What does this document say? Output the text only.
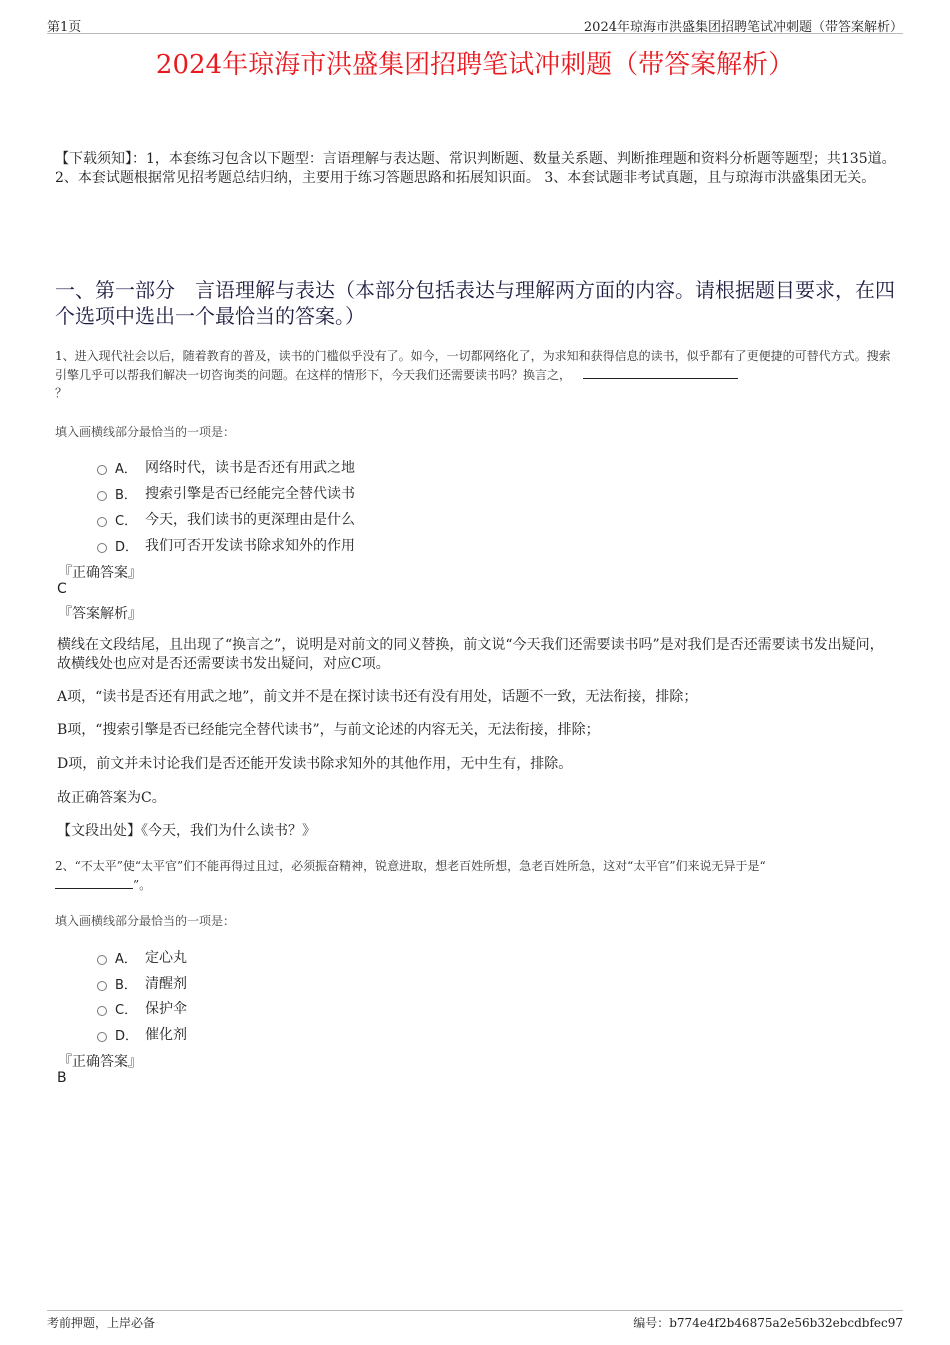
第1页	2024年琼海市洪盛集团招聘笔试冲刺题（带答案解析）
2024年琼海市洪盛集团招聘笔试冲刺题（带答案解析）
【下载须知】：1，本套练习包含以下题型：言语理解与表达题、常识判断题、数量关系题、判断推理题和资料分析题等题型；共135道。 2、本套试题根据常见招考题总结归纳，主要用于练习答题思路和拓展知识面。 3、本套试题非考试真题，且与琼海市洪盛集团无关。
一、第一部分　言语理解与表达（本部分包括表达与理解两方面的内容。请根据题目要求，在四个选项中选出一个最恰当的答案。）
1、进入现代社会以后，随着教育的普及，读书的门槛似乎没有了。如今，一切都网络化了，为求知和获得信息的读书，似乎都有了更便捷的可替代方式。搜索引擎几乎可以帮我们解决一切咨询类的问题。在这样的情形下，今天我们还需要读书吗？换言之，
？
填入画横线部分最恰当的一项是：
A． 网络时代，读书是否还有用武之地
B． 搜索引擎是否已经能完全替代读书
C． 今天，我们读书的更深理由是什么
D． 我们可否开发读书除求知外的作用
『正确答案』
C
『答案解析』
横线在文段结尾，且出现了“换言之”，说明是对前文的同义替换，前文说“今天我们还需要读书吗”是对我们是否还需要读书发出疑问，故横线处也应对是否还需要读书发出疑问，对应C项。
A项，“读书是否还有用武之地”，前文并不是在探讨读书还有没有用处，话题不一致，无法衔接，排除；
B项，“搜索引擎是否已经能完全替代读书”，与前文论述的内容无关，无法衔接，排除；
D项，前文并未讨论我们是否还能开发读书除求知外的其他作用，无中生有，排除。
故正确答案为C。
【文段出处】《今天，我们为什么读书？》
2、“不太平”使“太平官”们不能再得过且过，必须振奋精神，锐意进取，想老百姓所想，急老百姓所急，这对“太平官”们来说无异于是“
”。
填入画横线部分最恰当的一项是：
A． 定心丸
B． 清醒剂
C． 保护伞
D． 催化剂
『正确答案』
B
考前押题，上岸必备	编号：b774e4f2b46875a2e56b32ebcdbfec97
